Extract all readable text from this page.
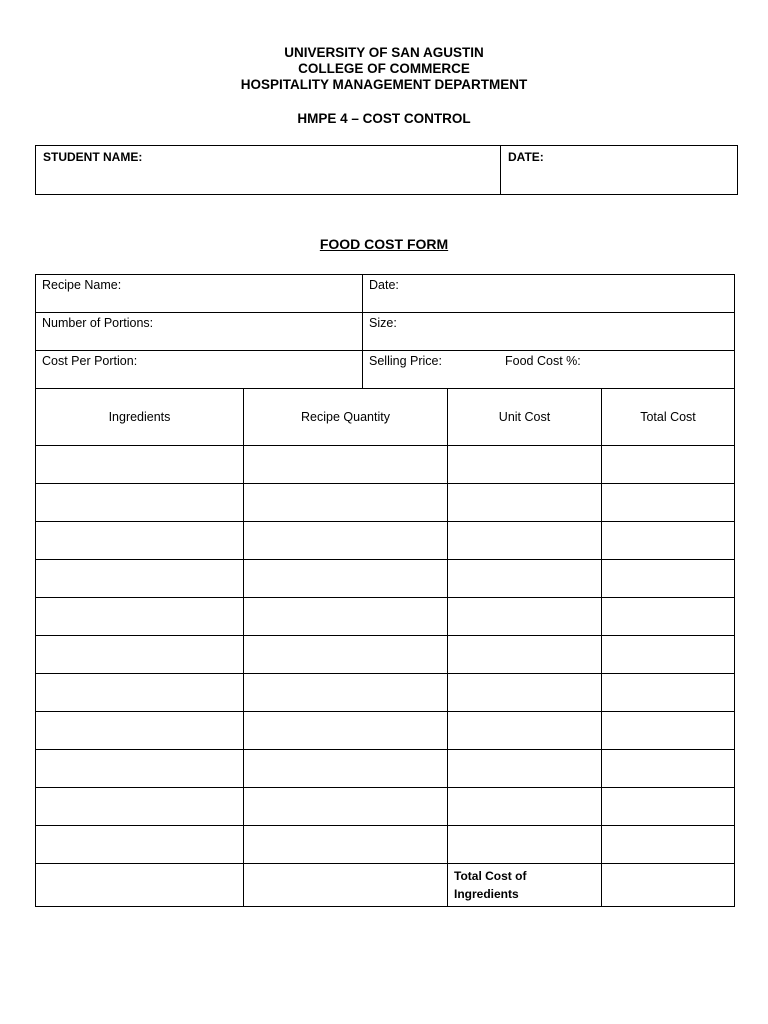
UNIVERSITY OF SAN AGUSTIN
COLLEGE OF COMMERCE
HOSPITALITY MANAGEMENT DEPARTMENT
HMPE 4 – COST CONTROL
STUDENT NAME:	DATE:
FOOD COST FORM
Recipe Name:	Date:
Number of Portions:	Size:
Cost Per Portion:	Selling Price: Food Cost %:
Ingredients	Recipe Quantity	Unit Cost	Total Cost

		Total Cost of
Ingredients	
